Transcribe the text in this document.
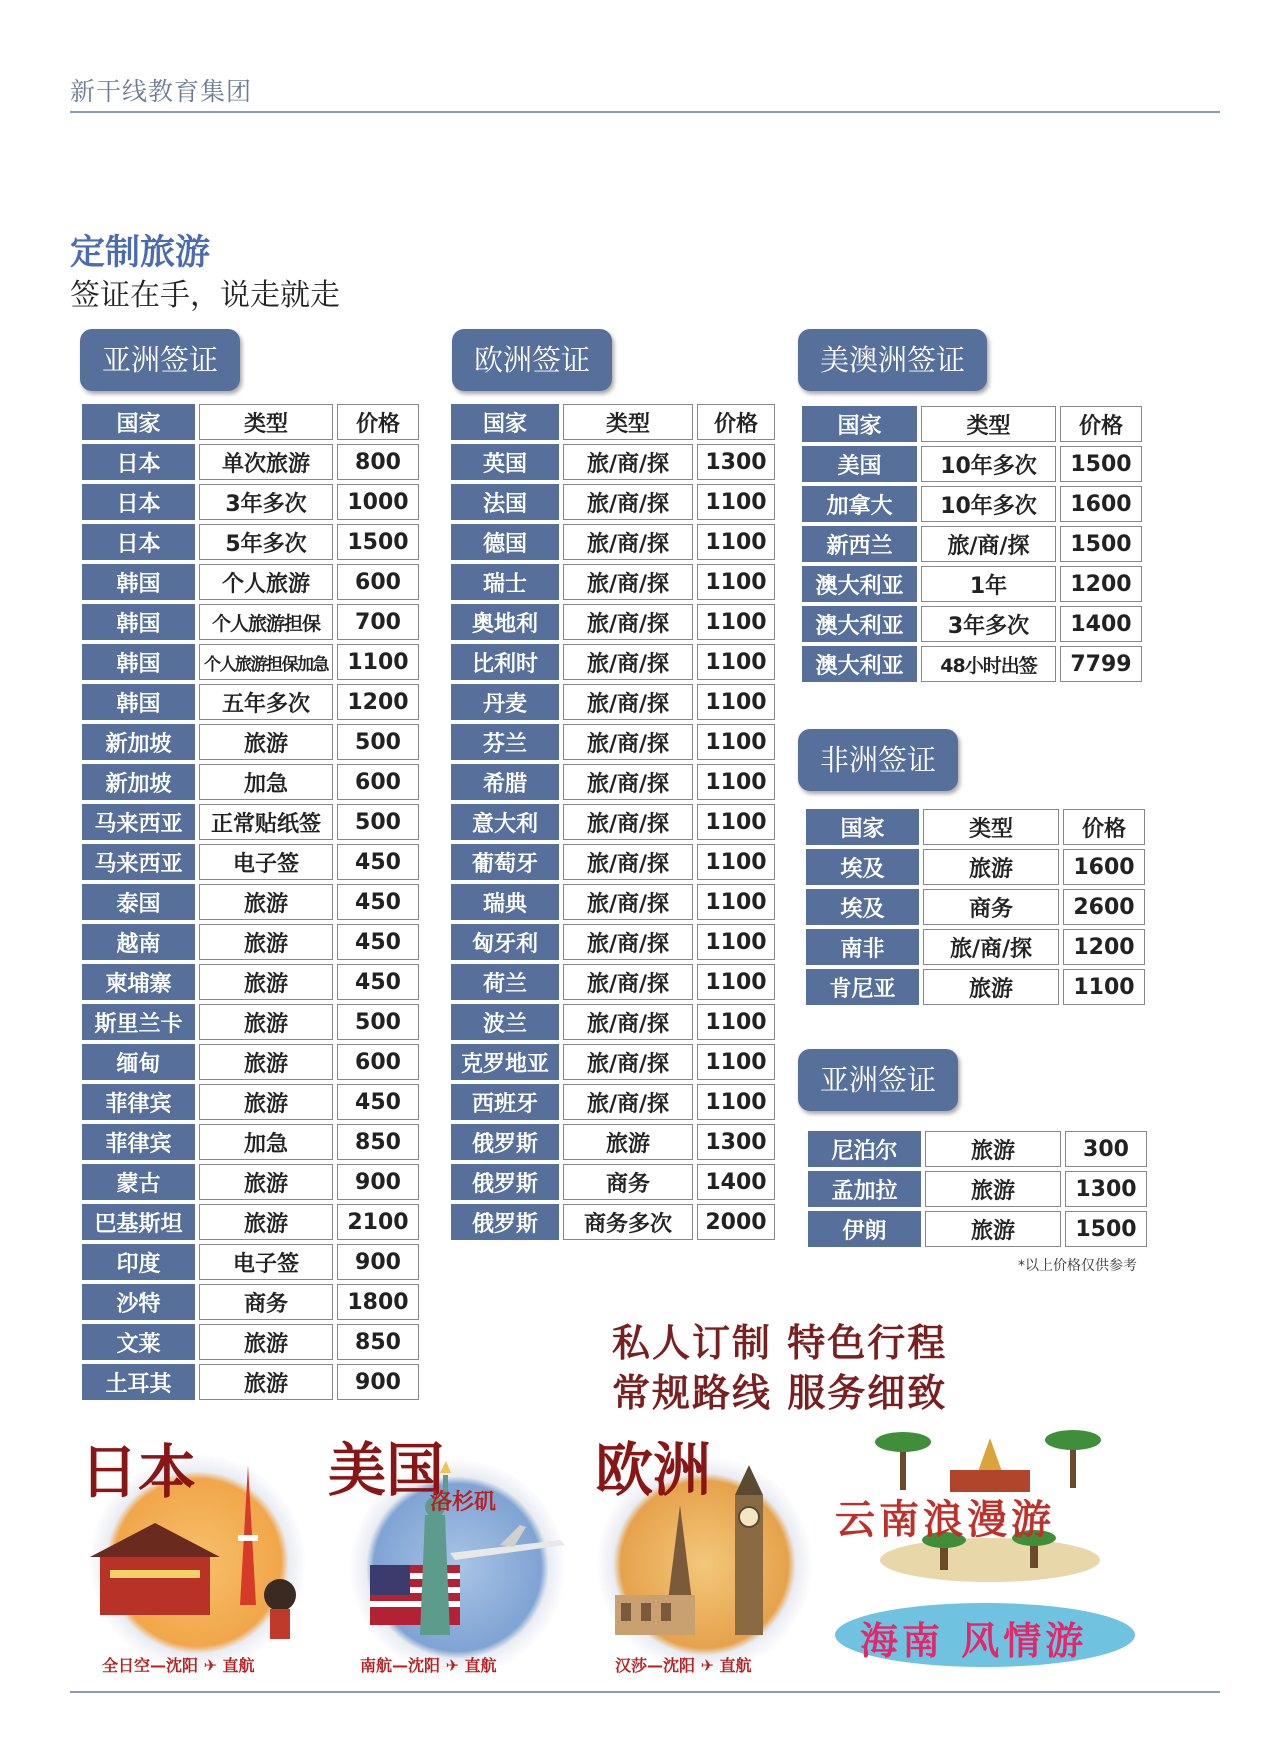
新干线教育集团
定制旅游
签证在手，说走就走
亚洲签证	欧洲签证	美澳洲签证
非洲签证
亚洲签证
国家	类型	价格
日本	单次旅游	800
日本	3年多次	1000
日本	5年多次	1500
韩国	个人旅游	600
韩国	个人旅游担保	700
韩国	个人旅游担保加急	1100
韩国	五年多次	1200
新加坡	旅游	500
新加坡	加急	600
马来西亚	正常贴纸签	500
马来西亚	电子签	450
泰国	旅游	450
越南	旅游	450
柬埔寨	旅游	450
斯里兰卡	旅游	500
缅甸	旅游	600
菲律宾	旅游	450
菲律宾	加急	850
蒙古	旅游	900
巴基斯坦	旅游	2100
印度	电子签	900
沙特	商务	1800
文莱	旅游	850
土耳其	旅游	900
国家	类型	价格
英国	旅/商/探	1300
法国	旅/商/探	1100
德国	旅/商/探	1100
瑞士	旅/商/探	1100
奥地利	旅/商/探	1100
比利时	旅/商/探	1100
丹麦	旅/商/探	1100
芬兰	旅/商/探	1100
希腊	旅/商/探	1100
意大利	旅/商/探	1100
葡萄牙	旅/商/探	1100
瑞典	旅/商/探	1100
匈牙利	旅/商/探	1100
荷兰	旅/商/探	1100
波兰	旅/商/探	1100
克罗地亚	旅/商/探	1100
西班牙	旅/商/探	1100
俄罗斯	旅游	1300
俄罗斯	商务	1400
俄罗斯	商务多次	2000
国家	类型	价格
美国	10年多次	1500
加拿大	10年多次	1600
新西兰	旅/商/探	1500
澳大利亚	1年	1200
澳大利亚	3年多次	1400
澳大利亚	48小时出签	7799
国家	类型	价格
埃及	旅游	1600
埃及	商务	2600
南非	旅/商/探	1200
肯尼亚	旅游	1100
尼泊尔	旅游	300
孟加拉	旅游	1300
伊朗	旅游	1500
*以上价格仅供参考
私人订制 特色行程
常规路线 服务细致
日本
全日空—沈阳 ✈ 直航
美国
洛杉矶
南航—沈阳 ✈ 直航
欧洲
汉莎—沈阳 ✈ 直航
云南浪漫游
海南 风情游
